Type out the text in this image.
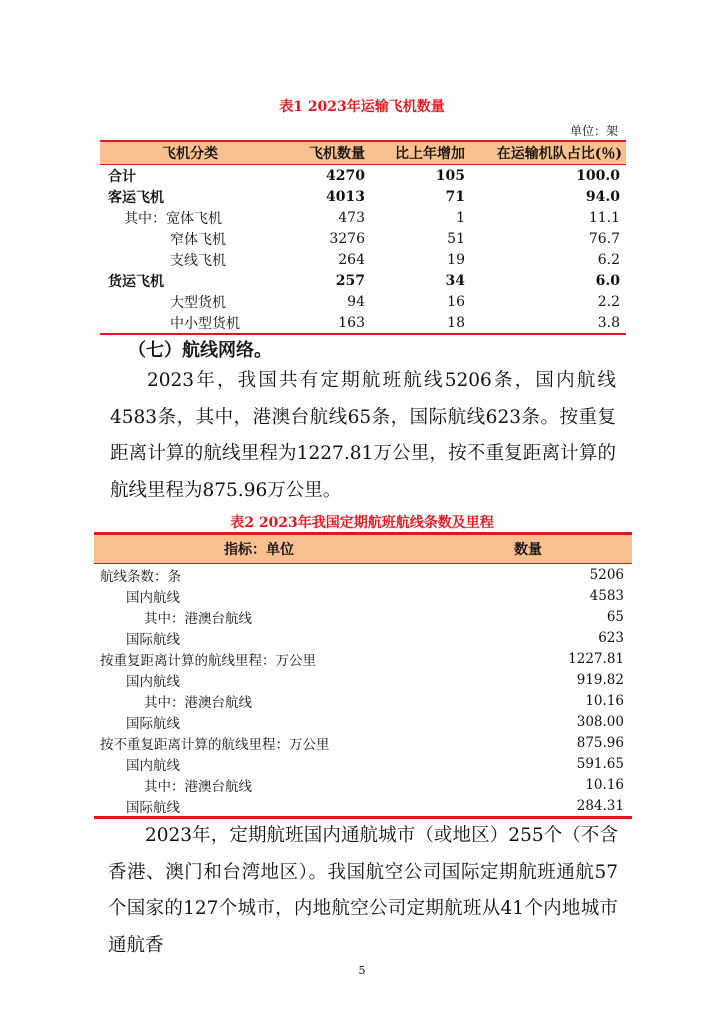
表1 2023年运输飞机数量
单位：架
飞机分类	飞机数量	比上年增加	在运输机队占比(％)
合计	4270	105	100.0
客运飞机	4013	71	94.0
其中：宽体飞机	473	1	11.1
窄体飞机	3276	51	76.7
支线飞机	264	19	6.2
货运飞机	257	34	6.0
大型货机	94	16	2.2
中小型货机	163	18	3.8
（七）航线网络。
2023年，我国共有定期航班航线5206条，国内航线4583条，其中，港澳台航线65条，国际航线623条。按重复距离计算的航线里程为1227.81万公里，按不重复距离计算的航线里程为875.96万公里。
表2 2023年我国定期航班航线条数及里程
指标：单位	数量
航线条数：条	5206
国内航线	4583
其中：港澳台航线	65
国际航线	623
按重复距离计算的航线里程：万公里	1227.81
国内航线	919.82
其中：港澳台航线	10.16
国际航线	308.00
按不重复距离计算的航线里程：万公里	875.96
国内航线	591.65
其中：港澳台航线	10.16
国际航线	284.31
2023年，定期航班国内通航城市（或地区）255个（不含香港、澳门和台湾地区）。我国航空公司国际定期航班通航57个国家的127个城市，内地航空公司定期航班从41个内地城市通航香
5
